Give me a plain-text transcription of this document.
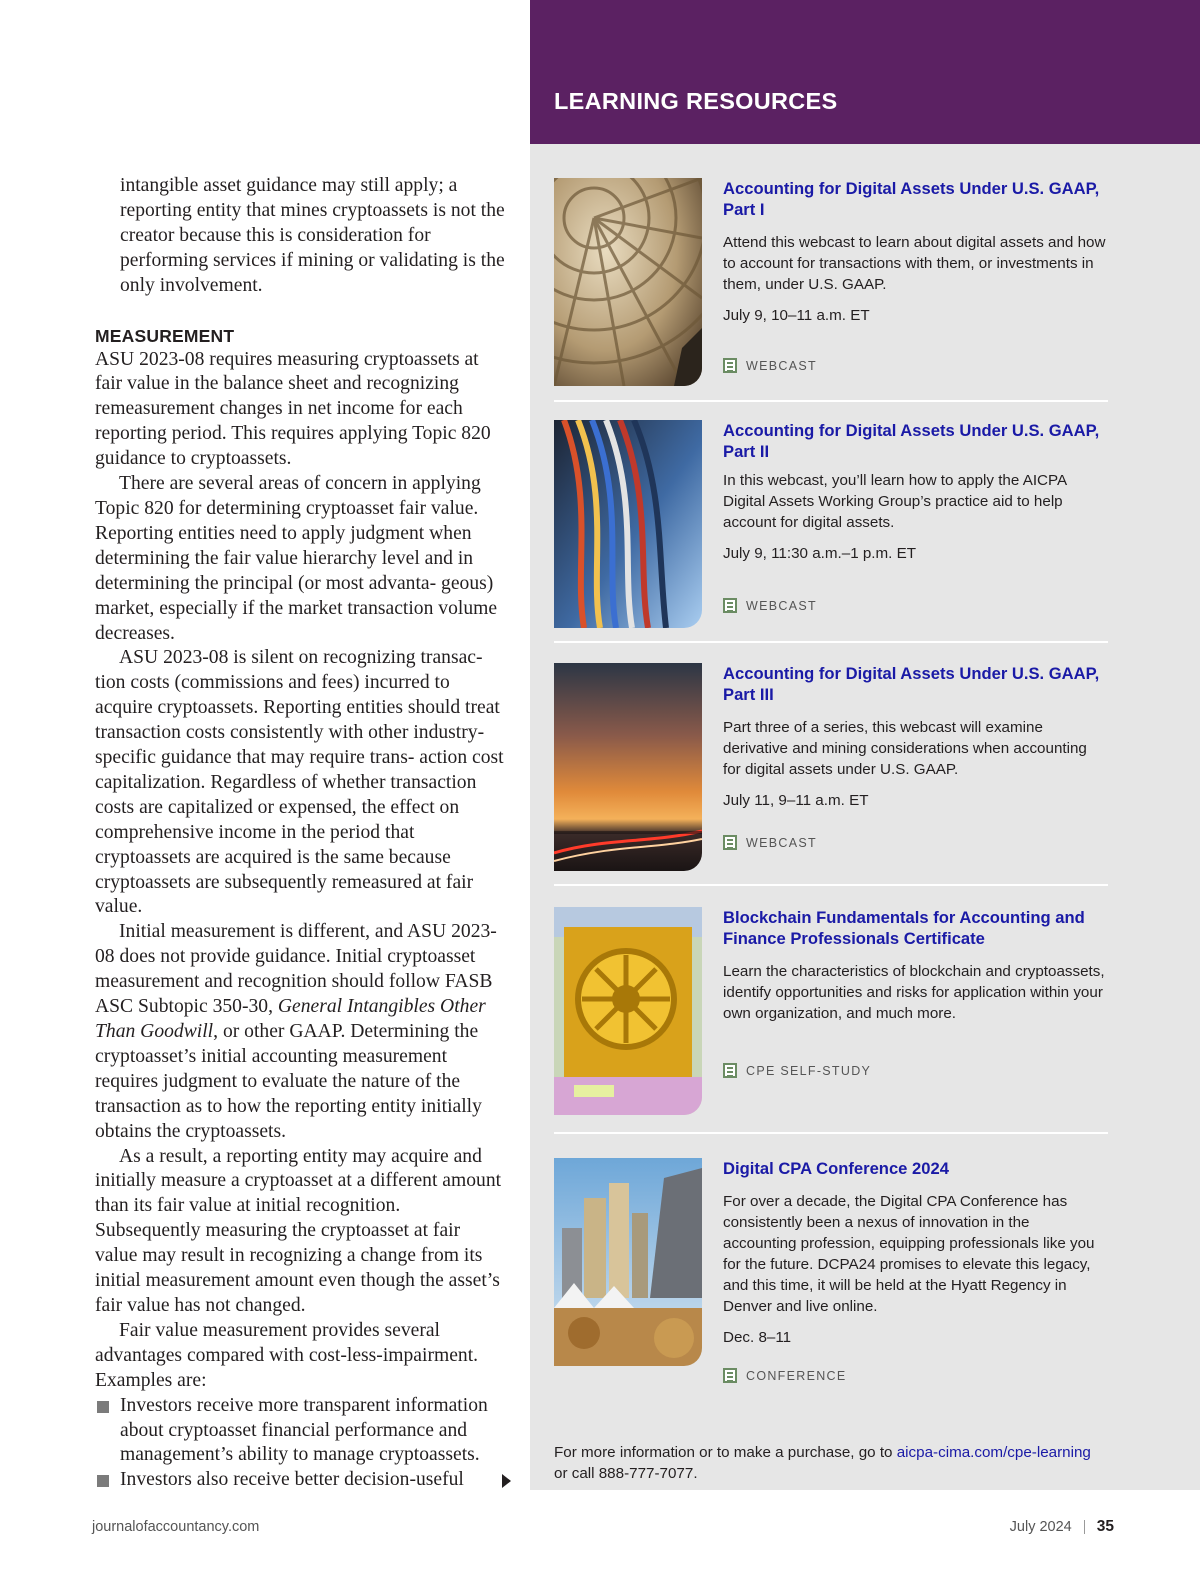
intangible asset guidance may still apply; a reporting entity that mines cryptoassets is not the creator because this is consideration for performing services if mining or validating is the only involvement.

MEASUREMENT

ASU 2023-08 requires measuring cryptoassets at fair value in the balance sheet and recognizing remeasurement changes in net income for each reporting period. This requires applying Topic 820 guidance to cryptoassets.

There are several areas of concern in applying Topic 820 for determining cryptoasset fair value. Reporting entities need to apply judgment when determining the fair value hierarchy level and in determining the principal (or most advanta- geous) market, especially if the market transaction volume decreases.

ASU 2023-08 is silent on recognizing transac- tion costs (commissions and fees) incurred to acquire cryptoassets. Reporting entities should treat transaction costs consistently with other industry-specific guidance that may require trans- action cost capitalization. Regardless of whether transaction costs are capitalized or expensed, the effect on comprehensive income in the period that cryptoassets are acquired is the same because cryptoassets are subsequently remeasured at fair value.

Initial measurement is different, and ASU 2023-08 does not provide guidance. Initial cryptoasset measurement and recognition should follow FASB ASC Subtopic 350-30, General Intangibles Other Than Goodwill, or other GAAP. Determining the cryptoasset’s initial accounting measurement requires judgment to evaluate the nature of the transaction as to how the reporting entity initially obtains the cryptoassets.

As a result, a reporting entity may acquire and initially measure a cryptoasset at a different amount than its fair value at initial recognition. Subsequently measuring the cryptoasset at fair value may result in recognizing a change from its initial measurement amount even though the asset’s fair value has not changed.

Fair value measurement provides several advantages compared with cost-less-impairment. Examples are:

Investors receive more transparent information about cryptoasset financial performance and management’s ability to manage cryptoassets.
Investors also receive better decision-useful
LEARNING RESOURCES

Accounting for Digital Assets Under U.S. GAAP, Part I

Attend this webcast to learn about digital assets and how to account for transactions with them, or investments in them, under U.S. GAAP.

July 9, 10–11 a.m. ET

WEBCAST

Accounting for Digital Assets Under U.S. GAAP, Part II

In this webcast, you’ll learn how to apply the AICPA Digital Assets Working Group’s practice aid to help account for digital assets.

July 9, 11:30 a.m.–1 p.m. ET

WEBCAST

Accounting for Digital Assets Under U.S. GAAP, Part III

Part three of a series, this webcast will examine derivative and mining considerations when accounting for digital assets under U.S. GAAP.

July 11, 9–11 a.m. ET

WEBCAST

Blockchain Fundamentals for Accounting and Finance Professionals Certificate

Learn the characteristics of blockchain and cryptoassets, identify opportunities and risks for application within your own organization, and much more.

CPE SELF-STUDY

Digital CPA Conference 2024

For over a decade, the Digital CPA Conference has consistently been a nexus of innovation in the accounting profession, equipping professionals like you for the future. DCPA24 promises to elevate this legacy, and this time, it will be held at the Hyatt Regency in Denver and live online.

Dec. 8–11

CONFERENCE

For more information or to make a purchase, go to aicpa-cima.com/cpe-learning
or call 888-777-7077.

journalofaccountancy.com	July 2024 35
